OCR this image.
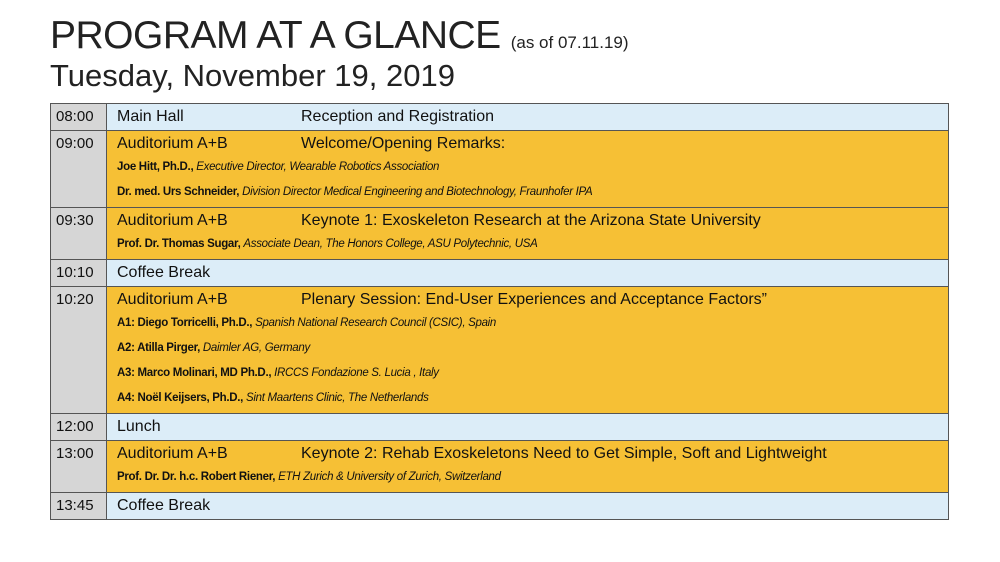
PROGRAM AT A GLANCE (as of 07.11.19)
Tuesday, November 19, 2019
08:00	Main Hall	Reception and Registration
09:00	Auditorium A+B	Welcome/Opening Remarks:
Joe Hitt, Ph.D., Executive Director, Wearable Robotics Association
Dr. med. Urs Schneider, Division Director Medical Engineering and Biotechnology, Fraunhofer IPA
09:30	Auditorium A+B	Keynote 1: Exoskeleton Research at the Arizona State University
Prof. Dr. Thomas Sugar, Associate Dean, The Honors College, ASU Polytechnic, USA
10:10	Coffee Break
10:20	Auditorium A+B	Plenary Session: End-User Experiences and Acceptance Factors”
A1: Diego Torricelli, Ph.D., Spanish National Research Council (CSIC), Spain
A2: Atilla Pirger, Daimler AG, Germany
A3: Marco Molinari, MD Ph.D., IRCCS Fondazione S. Lucia , Italy
A4: Noël Keijsers, Ph.D., Sint Maartens Clinic, The Netherlands
12:00	Lunch
13:00	Auditorium A+B	Keynote 2: Rehab Exoskeletons Need to Get Simple, Soft and Lightweight
Prof. Dr. Dr. h.c. Robert Riener, ETH Zurich & University of Zurich, Switzerland
13:45	Coffee Break
